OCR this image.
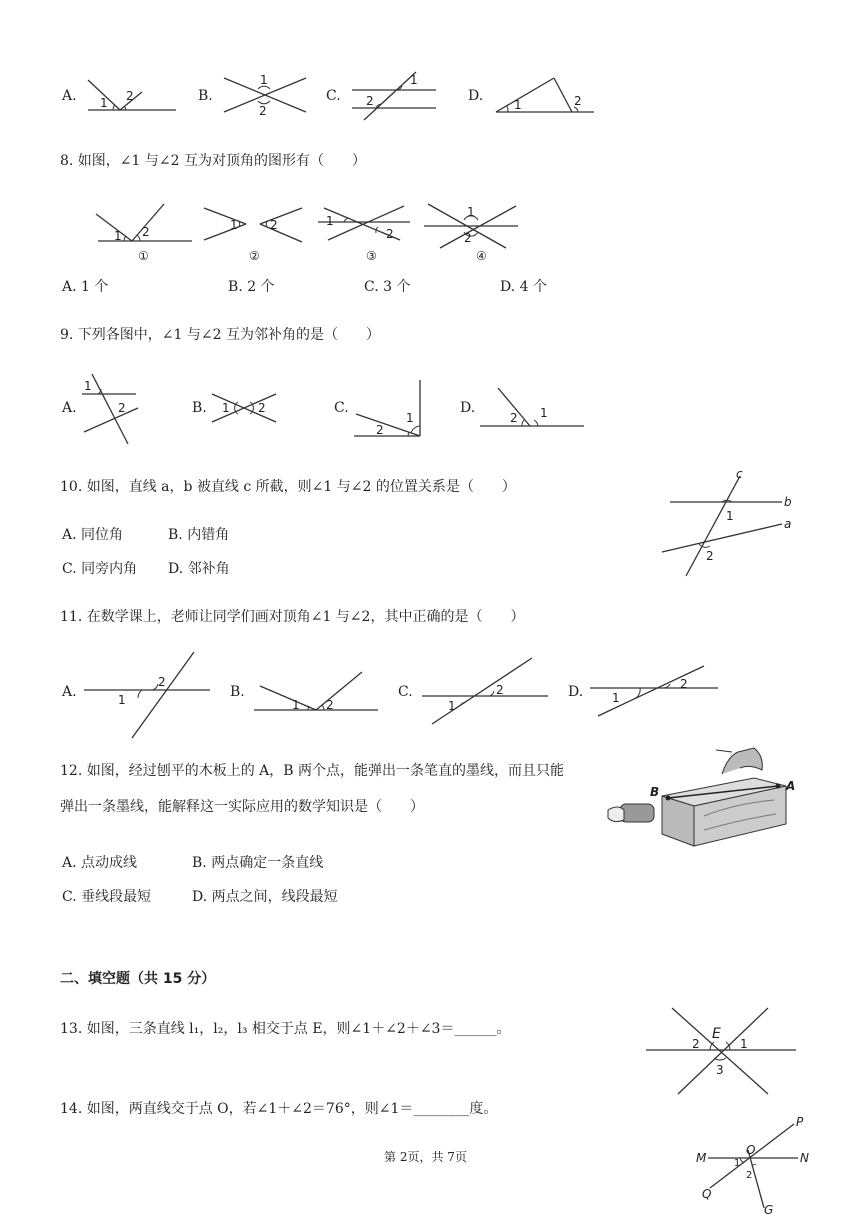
A.	B.	C.	D.
1 2
1
2
1
2	1	2
8. 如图，∠1 与∠2 互为对顶角的图形有（　　）
1 2
①
1	2
②
1
2
③
1
2
④
A. 1 个	B. 2 个	C. 3 个	D. 4 个
9. 下列各图中，∠1 与∠2 互为邻补角的是（　　）
A.
1
2	B. 1 2	C.
2
1
D.
2 1
10. 如图，直线 a，b 被直线 c 所截，则∠1 与∠2 的位置关系是（　　）
A. 同位角	B. 内错角
C. 同旁内角 D. 邻补角
c
b
a
1
2
11. 在数学课上，老师让同学们画对顶角∠1 与∠2，其中正确的是（　　）
A.
2
1	B.
1 2
C.	2
1
D.	2
1
12. 如图，经过刨平的木板上的 A，B 两个点，能弹出一条笔直的墨线，而且只能
弹出一条墨线，能解释这一实际应用的数学知识是（　　）
A. 点动成线	B. 两点确定一条直线
C. 垂线段最短	D. 两点之间，线段最短
B	A
二、填空题（共 15 分）
13. 如图，三条直线 l₁，l₂，l₃ 相交于点 E，则∠1＋∠2＋∠3＝______。	E
2	1
3
14. 如图，两直线交于点 O，若∠1＋∠2＝76°，则∠1＝________度。
P
M
O
N
Q
G
1
2
第 2页，共 7页
